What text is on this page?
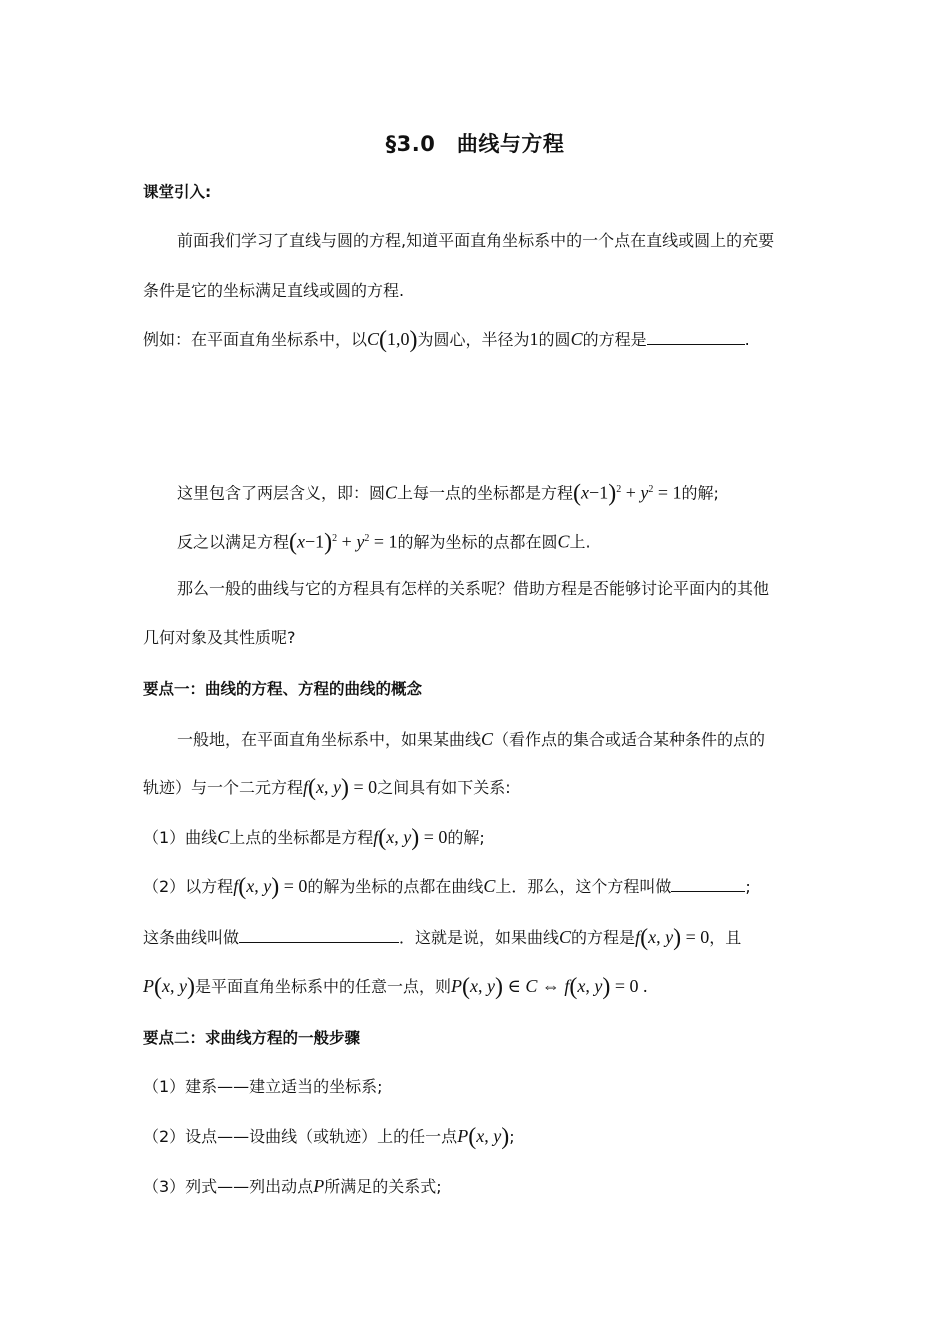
§3.0　曲线与方程
课堂引入:
前面我们学习了直线与圆的方程,知道平面直角坐标系中的一个点在直线或圆上的充要
条件是它的坐标满足直线或圆的方程.
例如：在平面直角坐标系中，以C(1,0)为圆心，半径为1的圆C的方程是	.
这里包含了两层含义，即：圆C上每一点的坐标都是方程$(x-1)^2 + y^2 = 1$的解;
反之以满足方程$(x-1)^2 + y^2 = 1$的解为坐标的点都在圆C上.
那么一般的曲线与它的方程具有怎样的关系呢？借助方程是否能够讨论平面内的其他
几何对象及其性质呢?
要点一：曲线的方程、方程的曲线的概念
一般地，在平面直角坐标系中，如果某曲线C（看作点的集合或适合某种条件的点的
轨迹）与一个二元方程f(x, y) = 0之间具有如下关系:
（1）曲线C上点的坐标都是方程f(x, y) = 0的解;
（2）以方程f(x, y) = 0的解为坐标的点都在曲线C上．那么，这个方程叫做	;
这条曲线叫做	．这就是说，如果曲线C的方程是f(x, y) = 0，且
P(x, y)是平面直角坐标系中的任意一点，则P(x, y) ∈ C ⇔ f(x, y) = 0 .
要点二：求曲线方程的一般步骤
（1）建系——建立适当的坐标系;
（2）设点——设曲线（或轨迹）上的任一点P(x, y);
（3）列式——列出动点P所满足的关系式;
